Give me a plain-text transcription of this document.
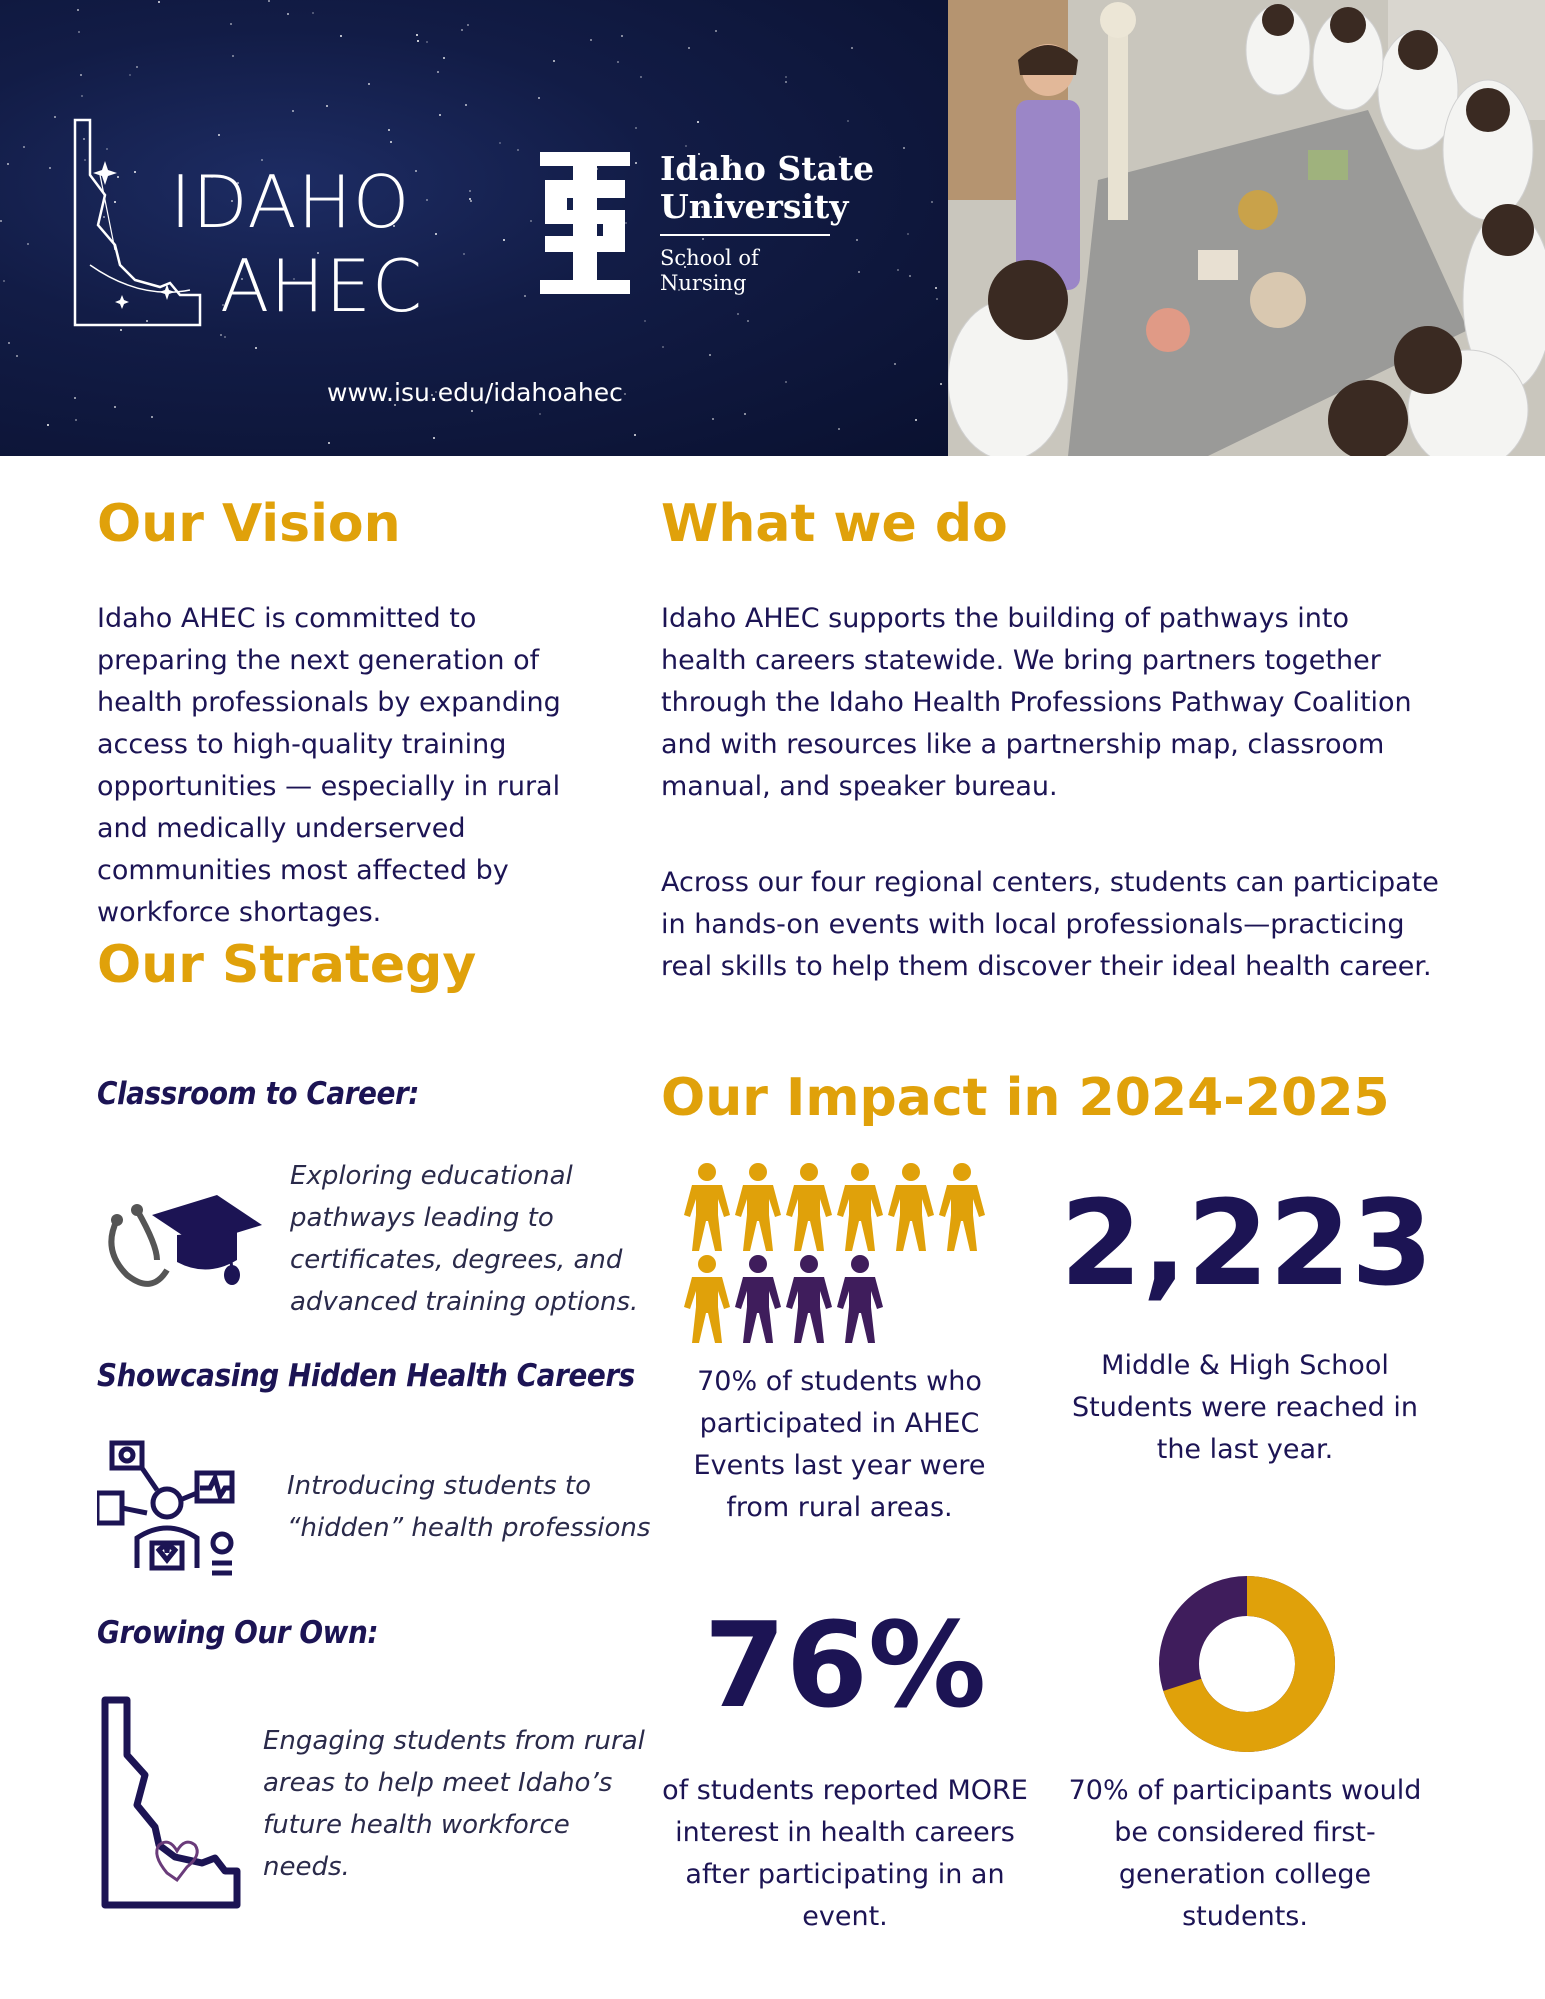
IDAHO
AHEC
Idaho State
University
School of
Nursing
www.isu.edu/idahoahec
Our Vision

Idaho AHEC is committed to preparing the next generation of health professionals by expanding access to high-quality training opportunities — especially in rural and medically underserved communities most affected by workforce shortages.

Our Strategy
Classroom to Career:
Exploring educational pathways leading to certificates, degrees, and advanced training options.
Showcasing Hidden Health Careers
Introducing students to “hidden” health professions
Growing Our Own:
Engaging students from rural areas to help meet Idaho’s future health workforce needs.
What we do

Idaho AHEC supports the building of pathways into health careers statewide. We bring partners together through the Idaho Health Professions Pathway Coalition and with resources like a partnership map, classroom manual, and speaker bureau.

Across our four regional centers, students can participate in hands-on events with local professionals—practicing real skills to help them discover their ideal health career.

Our Impact in 2024-2025
70% of students who participated in AHEC Events last year were from rural areas.
2,223
Middle & High School Students were reached in the last year.
76%
of students reported MORE interest in health careers after participating in an event.
70% of participants would be considered first-generation college students.
